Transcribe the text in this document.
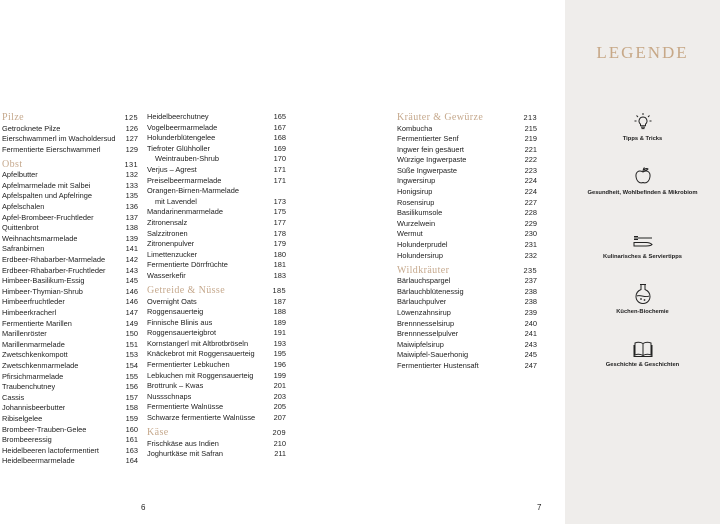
Pilze	125
Getrocknete Pilze	126
Eierschwammerl im Wacholdersud	127
Fermentierte Eierschwammerl	129
Obst	131
Apfelbutter	132
Apfelmarmelade mit Salbei	133
Apfelspalten und Apfelringe	135
Apfelschalen	136
Apfel-Brombeer-Fruchtleder	137
Quittenbrot	138
Weihnachtsmarmelade	139
Safranbirnen	141
Erdbeer-Rhabarber-Marmelade	142
Erdbeer-Rhabarber-Fruchtleder	143
Himbeer-Basilikum-Essig	145
Himbeer-Thymian-Shrub	146
Himbeerfruchtleder	146
Himbeerkracherl	147
Fermentierte Marillen	149
Marillenröster	150
Marillenmarmelade	151
Zwetschkenkompott	153
Zwetschkenmarmelade	154
Pfirsichmarmelade	155
Traubenchutney	156
Cassis	157
Johannisbeerbutter	158
Ribiselgelee	159
Brombeer-Trauben-Gelee	160
Brombeeressig	161
Heidelbeeren lactofermentiert	163
Heidelbeermarmelade	164
Heidelbeerchutney	165
Vogelbeermarmelade	167
Holunderblütengelee	168
Tiefroter Glühholler	169
Weintrauben-Shrub	170
Verjus – Agrest	171
Preiselbeermarmelade	171
Orangen-Birnen-Marmelade
mit Lavendel	173
Mandarinenmarmelade	175
Zitronensalz	177
Salzzitronen	178
Zitronenpulver	179
Limettenzucker	180
Fermentierte Dörrfrüchte	181
Wasserkefir	183
Getreide & Nüsse	185
Overnight Oats	187
Roggensauerteig	188
Finnische Blinis aus	189
Roggensauerteigbrot	191
Kornstangerl mit Altbrotbröseln	193
Knäckebrot mit Roggensauerteig	195
Fermentierter Lebkuchen	196
Lebkuchen mit Roggensauerteig	199
Brottrunk – Kwas	201
Nussschnaps	203
Fermentierte Walnüsse	205
Schwarze fermentierte Walnüsse	207
Käse	209
Frischkäse aus Indien	210
Joghurtkäse mit Safran	211
6
Kräuter & Gewürze	213
Kombucha	215
Fermentierter Senf	219
Ingwer fein gesäuert	221
Würzige Ingwerpaste	222
Süße Ingwerpaste	223
Ingwersirup	224
Honigsirup	224
Rosensirup	227
Basilikumsole	228
Wurzelwein	229
Wermut	230
Holunderprudel	231
Holundersirup	232
Wildkräuter	235
Bärlauchspargel	237
Bärlauchblütenessig	238
Bärlauchpulver	238
Löwenzahnsirup	239
Brennnesselsirup	240
Brennnesselpulver	241
Maiwipfelsirup	243
Maiwipfel-Sauerhonig	245
Fermentierter Hustensaft	247
7
LEGENDE
Tipps & Tricks
Gesundheit, Wohlbefinden & Mikrobiom
Kulinarisches & Serviertipps
Küchen-Biochemie
Geschichte & Geschichten
